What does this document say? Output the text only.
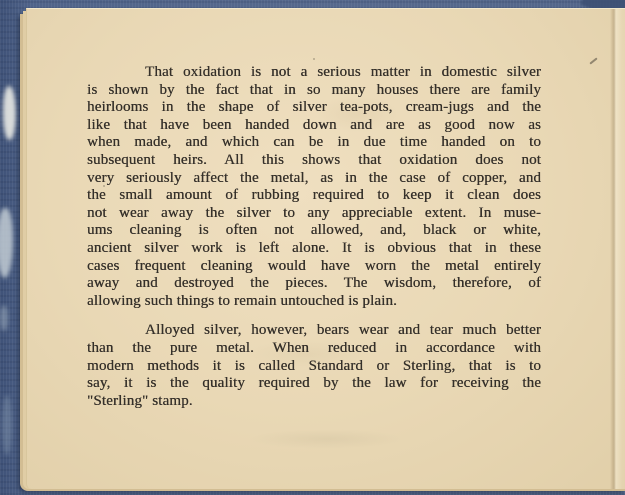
That oxidation is not a serious matter in domestic silver
is shown by the fact that in so many houses there are family
heirlooms in the shape of silver tea-pots, cream-jugs and the
like that have been handed down and are as good now as
when made, and which can be in due time handed on to
subsequent heirs. All this shows that oxidation does not
very seriously affect the metal, as in the case of copper, and
the small amount of rubbing required to keep it clean does
not wear away the silver to any appreciable extent. In muse-
ums cleaning is often not allowed, and, black or white,
ancient silver work is left alone. It is obvious that in these
cases frequent cleaning would have worn the metal entirely
away and destroyed the pieces. The wisdom, therefore, of
allowing such things to remain untouched is plain.
Alloyed silver, however, bears wear and tear much better
than the pure metal. When reduced in accordance with
modern methods it is called Standard or Sterling, that is to
say, it is the quality required by the law for receiving the
"Sterling" stamp.
